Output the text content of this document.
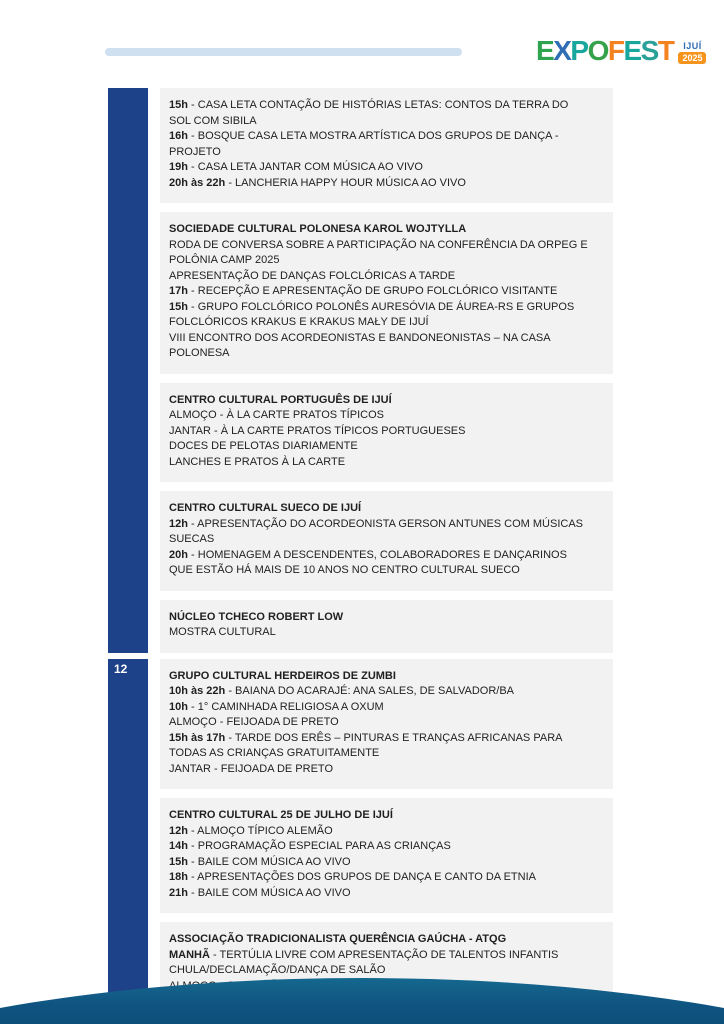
EXPOFEST IJUÍ
2025
15h - CASA LETA CONTAÇÃO DE HISTÓRIAS LETAS: CONTOS DA TERRA DO SOL COM SIBILA
16h - BOSQUE CASA LETA MOSTRA ARTÍSTICA DOS GRUPOS DE DANÇA - PROJETO
19h - CASA LETA JANTAR COM MÚSICA AO VIVO
20h às 22h - LANCHERIA HAPPY HOUR MÚSICA AO VIVO
SOCIEDADE CULTURAL POLONESA KAROL WOJTYLLA
RODA DE CONVERSA SOBRE A PARTICIPAÇÃO NA CONFERÊNCIA DA ORPEG E POLÔNIA CAMP 2025
APRESENTAÇÃO DE DANÇAS FOLCLÓRICAS A TARDE
17h - RECEPÇÃO E APRESENTAÇÃO DE GRUPO FOLCLÓRICO VISITANTE
15h - GRUPO FOLCLÓRICO POLONÊS AURESÓVIA DE ÁUREA-RS E GRUPOS FOLCLÓRICOS KRAKUS E KRAKUS MAŁY DE IJUÍ
VIII ENCONTRO DOS ACORDEONISTAS E BANDONEONISTAS – NA CASA POLONESA
CENTRO CULTURAL PORTUGUÊS DE IJUÍ
ALMOÇO - À LA CARTE PRATOS TÍPICOS
JANTAR - À LA CARTE PRATOS TÍPICOS PORTUGUESES
DOCES DE PELOTAS DIARIAMENTE
LANCHES E PRATOS À LA CARTE
CENTRO CULTURAL SUECO DE IJUÍ
12h - APRESENTAÇÃO DO ACORDEONISTA GERSON ANTUNES COM MÚSICAS SUECAS
20h - HOMENAGEM A DESCENDENTES, COLABORADORES E DANÇARINOS QUE ESTÃO HÁ MAIS DE 10 ANOS NO CENTRO CULTURAL SUECO
NÚCLEO TCHECO ROBERT LOW
MOSTRA CULTURAL
12	GRUPO CULTURAL HERDEIROS DE ZUMBI
10h às 22h - BAIANA DO ACARAJÉ: ANA SALES, DE SALVADOR/BA
10h - 1° CAMINHADA RELIGIOSA A OXUM
ALMOÇO - FEIJOADA DE PRETO
15h às 17h - TARDE DOS ERÊS – PINTURAS E TRANÇAS AFRICANAS PARA TODAS AS CRIANÇAS GRATUITAMENTE
JANTAR - FEIJOADA DE PRETO
CENTRO CULTURAL 25 DE JULHO DE IJUÍ
12h - ALMOÇO TÍPICO ALEMÃO
14h - PROGRAMAÇÃO ESPECIAL PARA AS CRIANÇAS
15h - BAILE COM MÚSICA AO VIVO
18h - APRESENTAÇÕES DOS GRUPOS DE DANÇA E CANTO DA ETNIA
21h - BAILE COM MÚSICA AO VIVO
ASSOCIAÇÃO TRADICIONALISTA QUERÊNCIA GAÚCHA - ATQG
MANHÃ - TERTÚLIA LIVRE COM APRESENTAÇÃO DE TALENTOS INFANTIS CHULA/DECLAMAÇÃO/DANÇA DE SALÃO
